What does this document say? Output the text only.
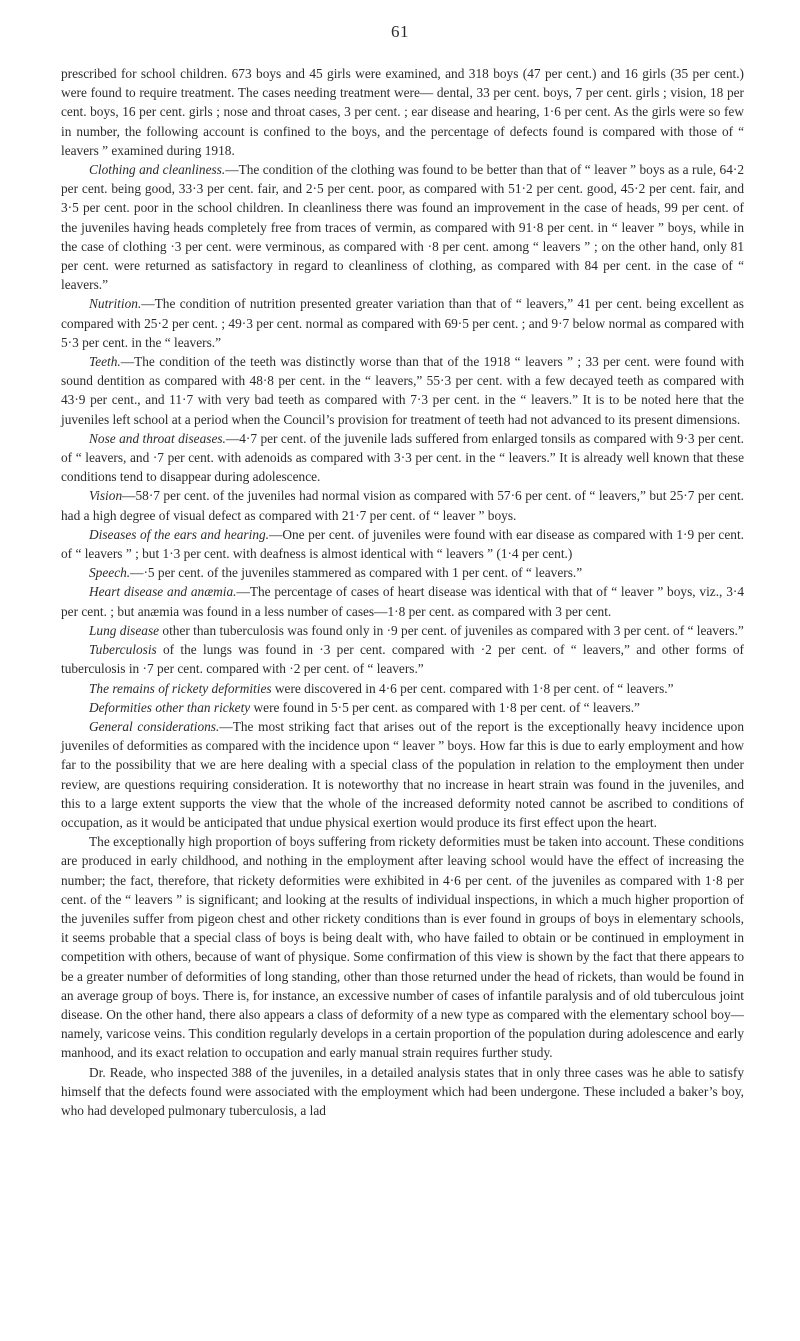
61

prescribed for school children. 673 boys and 45 girls were examined, and 318 boys (47 per cent.) and 16 girls (35 per cent.) were found to require treatment. The cases needing treatment were— dental, 33 per cent. boys, 7 per cent. girls ; vision, 18 per cent. boys, 16 per cent. girls ; nose and throat cases, 3 per cent. ; ear disease and hearing, 1·6 per cent. As the girls were so few in number, the following account is confined to the boys, and the percentage of defects found is compared with those of “ leavers ” examined during 1918.

Clothing and cleanliness.—The condition of the clothing was found to be better than that of “ leaver ” boys as a rule, 64·2 per cent. being good, 33·3 per cent. fair, and 2·5 per cent. poor, as compared with 51·2 per cent. good, 45·2 per cent. fair, and 3·5 per cent. poor in the school children. In cleanliness there was found an improvement in the case of heads, 99 per cent. of the juveniles having heads completely free from traces of vermin, as compared with 91·8 per cent. in “ leaver ” boys, while in the case of clothing ·3 per cent. were verminous, as compared with ·8 per cent. among “ leavers ” ; on the other hand, only 81 per cent. were returned as satisfactory in regard to cleanliness of clothing, as compared with 84 per cent. in the case of “ leavers.”

Nutrition.—The condition of nutrition presented greater variation than that of “ leavers,” 41 per cent. being excellent as compared with 25·2 per cent. ; 49·3 per cent. normal as compared with 69·5 per cent. ; and 9·7 below normal as compared with 5·3 per cent. in the “ leavers.”

Teeth.—The condition of the teeth was distinctly worse than that of the 1918 “ leavers ” ; 33 per cent. were found with sound dentition as compared with 48·8 per cent. in the “ leavers,” 55·3 per cent. with a few decayed teeth as compared with 43·9 per cent., and 11·7 with very bad teeth as compared with 7·3 per cent. in the “ leavers.” It is to be noted here that the juveniles left school at a period when the Council’s provision for treatment of teeth had not advanced to its present dimensions.

Nose and throat diseases.—4·7 per cent. of the juvenile lads suffered from enlarged tonsils as compared with 9·3 per cent. of “ leavers, and ·7 per cent. with adenoids as compared with 3·3 per cent. in the “ leavers.” It is already well known that these conditions tend to disappear during adolescence.

Vision—58·7 per cent. of the juveniles had normal vision as compared with 57·6 per cent. of “ leavers,” but 25·7 per cent. had a high degree of visual defect as compared with 21·7 per cent. of “ leaver ” boys.

Diseases of the ears and hearing.—One per cent. of juveniles were found with ear disease as compared with 1·9 per cent. of “ leavers ” ; but 1·3 per cent. with deafness is almost identical with “ leavers ” (1·4 per cent.)

Speech.—·5 per cent. of the juveniles stammered as compared with 1 per cent. of “ leavers.”

Heart disease and anæmia.—The percentage of cases of heart disease was identical with that of “ leaver ” boys, viz., 3·4 per cent. ; but anæmia was found in a less number of cases—1·8 per cent. as compared with 3 per cent.

Lung disease other than tuberculosis was found only in ·9 per cent. of juveniles as compared with 3 per cent. of “ leavers.”

Tuberculosis of the lungs was found in ·3 per cent. compared with ·2 per cent. of “ leavers,” and other forms of tuberculosis in ·7 per cent. compared with ·2 per cent. of “ leavers.”

The remains of rickety deformities were discovered in 4·6 per cent. compared with 1·8 per cent. of “ leavers.”

Deformities other than rickety were found in 5·5 per cent. as compared with 1·8 per cent. of “ leavers.”

General considerations.—The most striking fact that arises out of the report is the exceptionally heavy incidence upon juveniles of deformities as compared with the incidence upon “ leaver ” boys. How far this is due to early employment and how far to the possibility that we are here dealing with a special class of the population in relation to the employment then under review, are questions requiring consideration. It is noteworthy that no increase in heart strain was found in the juveniles, and this to a large extent supports the view that the whole of the increased deformity noted cannot be ascribed to conditions of occupation, as it would be anticipated that undue physical exertion would produce its first effect upon the heart.

The exceptionally high proportion of boys suffering from rickety deformities must be taken into account. These conditions are produced in early childhood, and nothing in the employment after leaving school would have the effect of increasing the number; the fact, therefore, that rickety deformities were exhibited in 4·6 per cent. of the juveniles as compared with 1·8 per cent. of the “ leavers ” is significant; and looking at the results of individual inspections, in which a much higher proportion of the juveniles suffer from pigeon chest and other rickety conditions than is ever found in groups of boys in elementary schools, it seems probable that a special class of boys is being dealt with, who have failed to obtain or be continued in employment in competition with others, because of want of physique. Some confirmation of this view is shown by the fact that there appears to be a greater number of deformities of long standing, other than those returned under the head of rickets, than would be found in an average group of boys. There is, for instance, an excessive number of cases of infantile paralysis and of old tuberculous joint disease. On the other hand, there also appears a class of deformity of a new type as compared with the elementary school boy—namely, varicose veins. This condition regularly develops in a certain proportion of the population during adolescence and early manhood, and its exact relation to occupation and early manual strain requires further study.

Dr. Reade, who inspected 388 of the juveniles, in a detailed analysis states that in only three cases was he able to satisfy himself that the defects found were associated with the employment which had been undergone. These included a baker’s boy, who had developed pulmonary tuberculosis, a lad
